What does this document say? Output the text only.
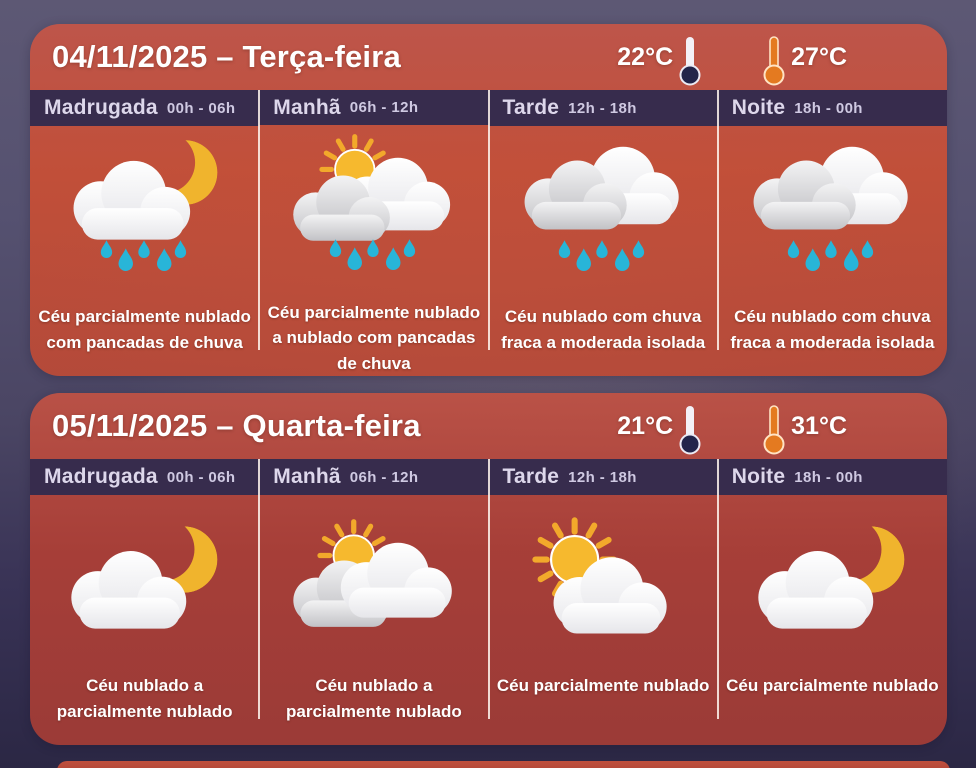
04/11/2025 – Terça-feira	22°C	27°C
Madrugada 00h - 06h
Céu parcialmente nublado com pancadas de chuva
Manhã 06h - 12h
Céu parcialmente nublado a nublado com pancadas de chuva
Tarde 12h - 18h
Céu nublado com chuva fraca a moderada isolada
Noite 18h - 00h
Céu nublado com chuva fraca a moderada isolada
05/11/2025 – Quarta-feira	21°C	31°C
Madrugada 00h - 06h
Céu nublado a parcialmente nublado
Manhã 06h - 12h
Céu nublado a parcialmente nublado
Tarde 12h - 18h
Céu parcialmente nublado
Noite 18h - 00h
Céu parcialmente nublado
